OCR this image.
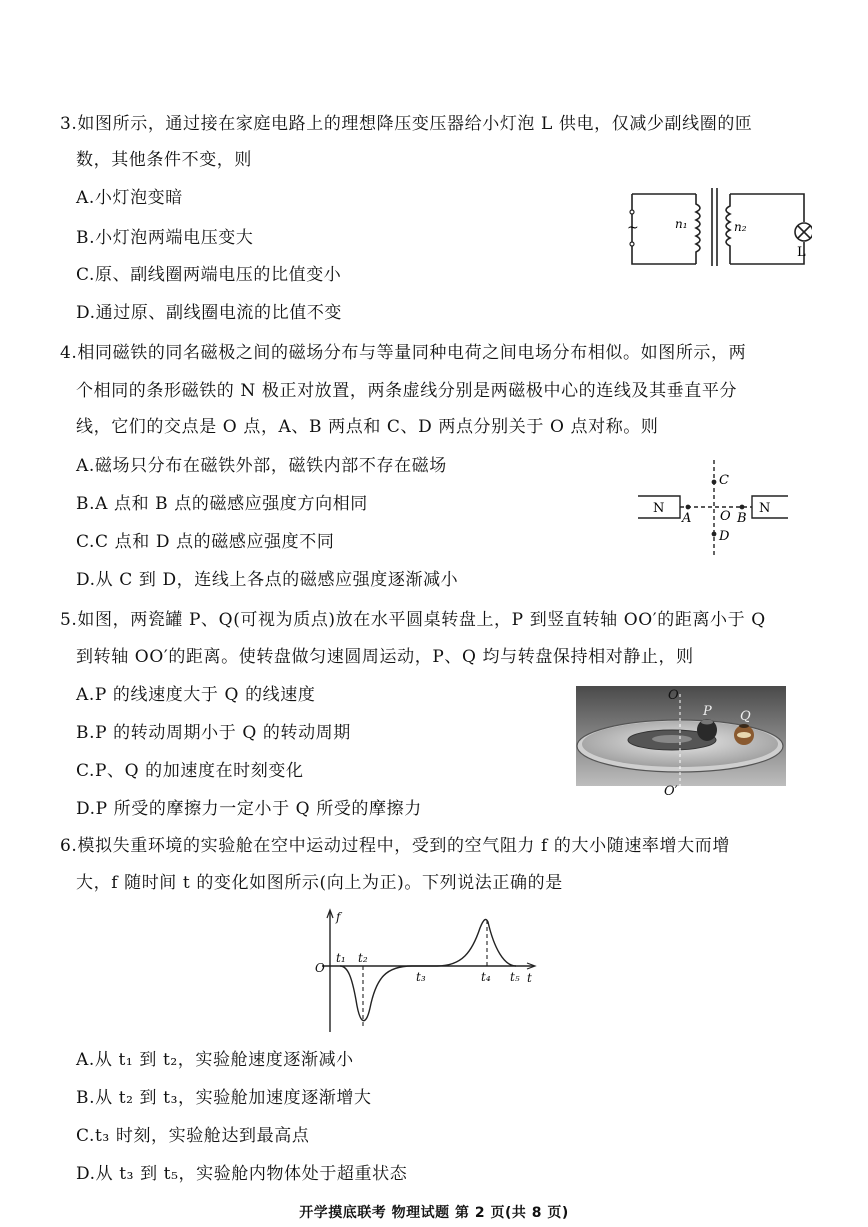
3.如图所示，通过接在家庭电路上的理想降压变压器给小灯泡 L 供电，仅减少副线圈的匝
数，其他条件不变，则
A.小灯泡变暗
B.小灯泡两端电压变大
C.原、副线圈两端电压的比值变小
D.通过原、副线圈电流的比值不变
~	n₁	n₂
L
4.相同磁铁的同名磁极之间的磁场分布与等量同种电荷之间电场分布相似。如图所示，两
个相同的条形磁铁的 N 极正对放置，两条虚线分别是两磁极中心的连线及其垂直平分
线，它们的交点是 O 点，A、B 两点和 C、D 两点分别关于 O 点对称。则
A.磁场只分布在磁铁外部，磁铁内部不存在磁场
B.A 点和 B 点的磁感应强度方向相同
C.C 点和 D 点的磁感应强度不同
D.从 C 到 D，连线上各点的磁感应强度逐渐减小
N	N
A	B
C
D
O
5.如图，两瓷罐 P、Q(可视为质点)放在水平圆桌转盘上，P 到竖直转轴 OO′的距离小于 Q
到转轴 OO′的距离。使转盘做匀速圆周运动，P、Q 均与转盘保持相对静止，则
A.P 的线速度大于 Q 的线速度
B.P 的转动周期小于 Q 的转动周期
C.P、Q 的加速度在时刻变化
D.P 所受的摩擦力一定小于 Q 所受的摩擦力
O
P Q
O′
6.模拟失重环境的实验舱在空中运动过程中，受到的空气阻力 f 的大小随速率增大而增
大，f 随时间 t 的变化如图所示(向上为正)。下列说法正确的是
f
t
O
t₁ t₂
t₃	t₄ t₅
A.从 t₁ 到 t₂，实验舱速度逐渐减小
B.从 t₂ 到 t₃，实验舱加速度逐渐增大
C.t₃ 时刻，实验舱达到最高点
D.从 t₃ 到 t₅，实验舱内物体处于超重状态
开学摸底联考 物理试题 第 2 页(共 8 页)
